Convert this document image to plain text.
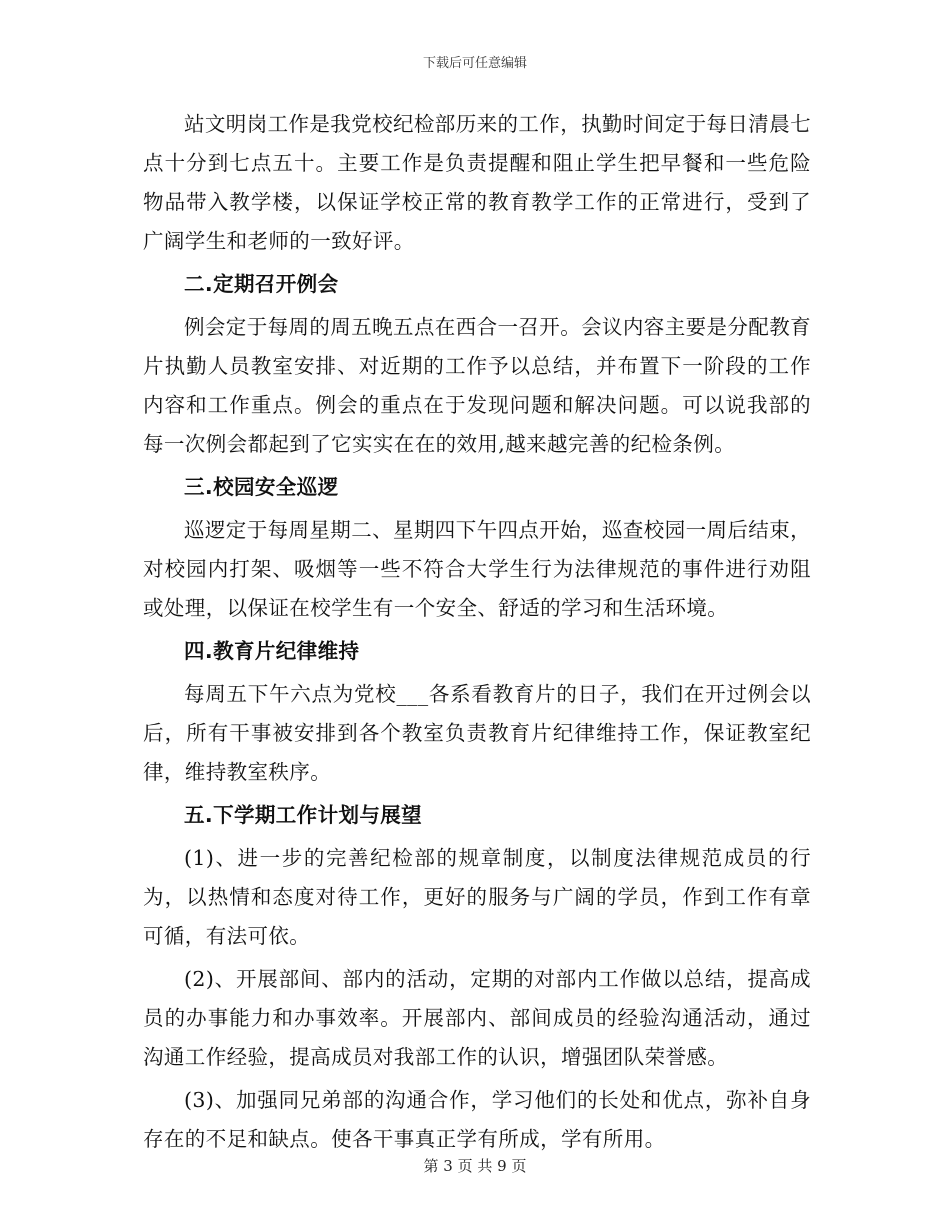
下载后可任意编辑

站文明岗工作是我党校纪检部历来的工作，执勤时间定于每日清晨七点十分到七点五十。主要工作是负责提醒和阻止学生把早餐和一些危险物品带入教学楼，以保证学校正常的教育教学工作的正常进行，受到了广阔学生和老师的一致好评。

二.定期召开例会

例会定于每周的周五晚五点在西合一召开。会议内容主要是分配教育片执勤人员教室安排、对近期的工作予以总结，并布置下一阶段的工作内容和工作重点。例会的重点在于发现问题和解决问题。可以说我部的每一次例会都起到了它实实在在的效用,越来越完善的纪检条例。

三.校园安全巡逻

巡逻定于每周星期二、星期四下午四点开始，巡查校园一周后结束，对校园内打架、吸烟等一些不符合大学生行为法律规范的事件进行劝阻或处理，以保证在校学生有一个安全、舒适的学习和生活环境。

四.教育片纪律维持

每周五下午六点为党校___各系看教育片的日子，我们在开过例会以后，所有干事被安排到各个教室负责教育片纪律维持工作，保证教室纪律，维持教室秩序。

五.下学期工作计划与展望

(1)、进一步的完善纪检部的规章制度，以制度法律规范成员的行为，以热情和态度对待工作，更好的服务与广阔的学员，作到工作有章可循，有法可依。

(2)、开展部间、部内的活动，定期的对部内工作做以总结，提高成员的办事能力和办事效率。开展部内、部间成员的经验沟通活动，通过沟通工作经验，提高成员对我部工作的认识，增强团队荣誉感。

(3)、加强同兄弟部的沟通合作，学习他们的长处和优点，弥补自身存在的不足和缺点。使各干事真正学有所成，学有所用。

第 3 页 共 9 页
